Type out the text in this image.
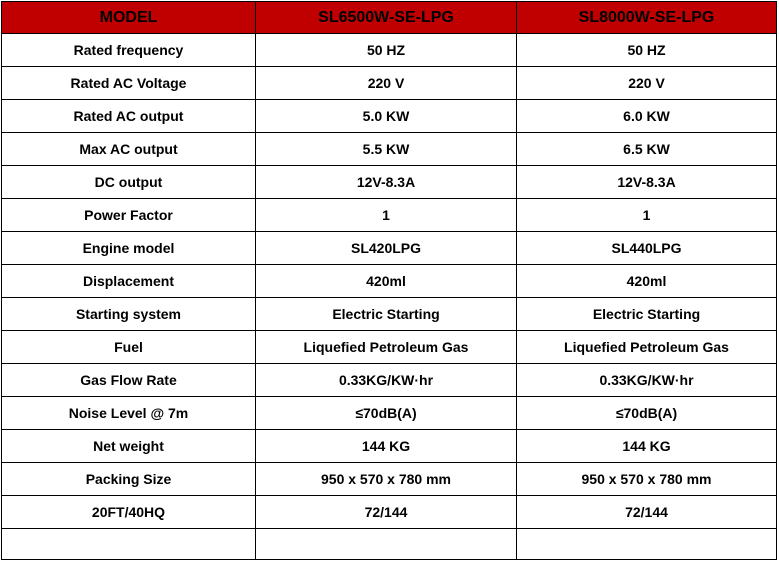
MODEL	SL6500W-SE-LPG	SL8000W-SE-LPG
Rated frequency	50 HZ	50 HZ
Rated AC Voltage	220 V	220 V
Rated AC output	5.0 KW	6.0 KW
Max AC output	5.5 KW	6.5 KW
DC output	12V-8.3A	12V-8.3A
Power Factor	1	1
Engine model	SL420LPG	SL440LPG
Displacement	420ml	420ml
Starting system	Electric Starting	Electric Starting
Fuel	Liquefied Petroleum Gas	Liquefied Petroleum Gas
Gas Flow Rate	0.33KG/KW·hr	0.33KG/KW·hr
Noise Level @ 7m	≤70dB(A)	≤70dB(A)
Net weight	144 KG	144 KG
Packing Size	950 x 570 x 780 mm	950 x 570 x 780 mm
20FT/40HQ	72/144	72/144
